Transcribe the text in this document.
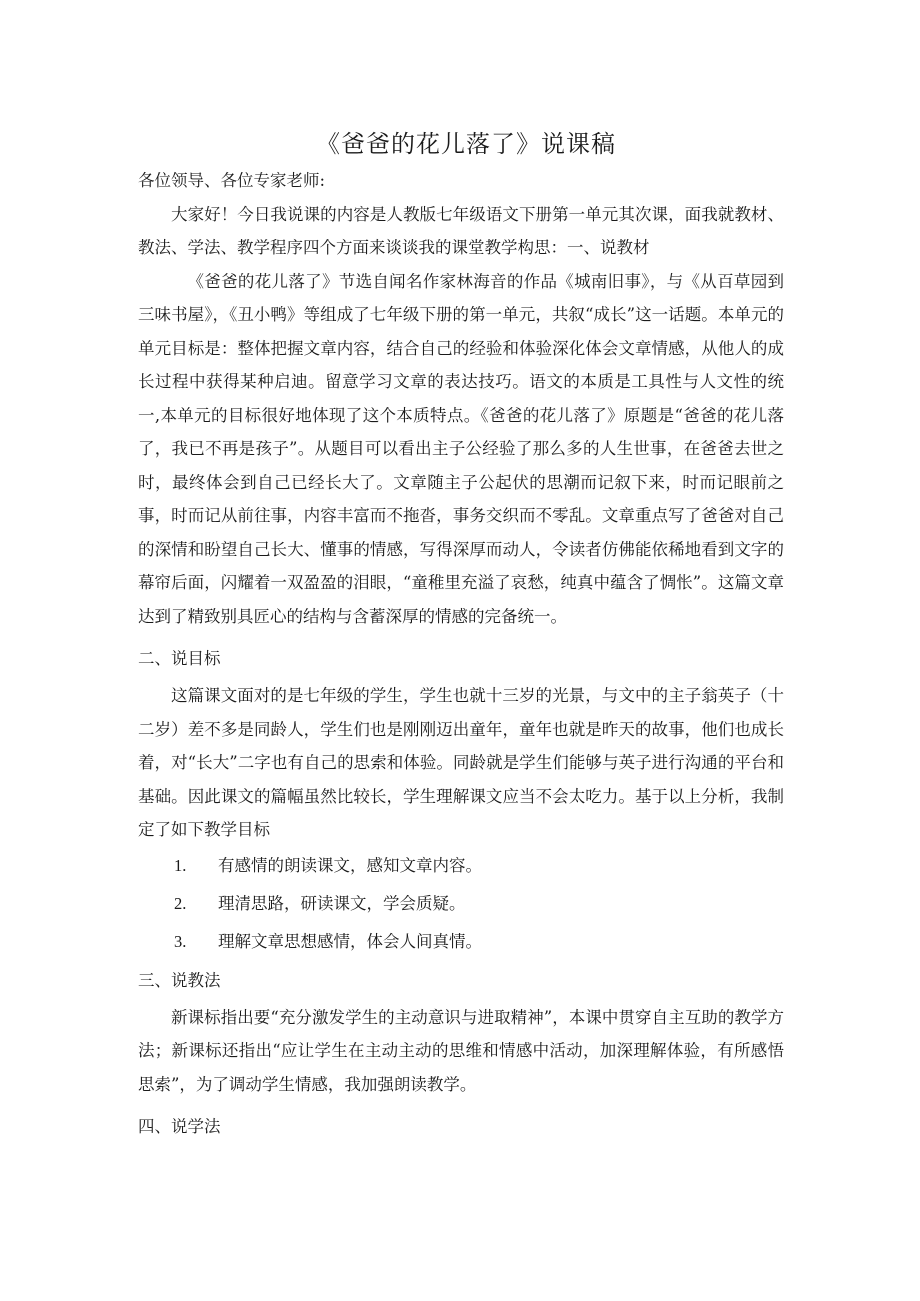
《爸爸的花儿落了》说课稿

各位领导、各位专家老师:

大家好！今日我说课的内容是人教版七年级语文下册第一单元其次课，面我就教材、教法、学法、教学程序四个方面来谈谈我的课堂教学构思：一、说教材

《爸爸的花儿落了》节选自闻名作家林海音的作品《城南旧事》，与《从百草园到三味书屋》，《丑小鸭》等组成了七年级下册的第一单元，共叙“成长”这一话题。本单元的单元目标是：整体把握文章内容，结合自己的经验和体验深化体会文章情感，从他人的成长过程中获得某种启迪。留意学习文章的表达技巧。语文的本质是工具性与人文性的统一,本单元的目标很好地体现了这个本质特点。《爸爸的花儿落了》原题是“爸爸的花儿落了，我已不再是孩子”。从题目可以看出主子公经验了那么多的人生世事，在爸爸去世之时，最终体会到自己已经长大了。文章随主子公起伏的思潮而记叙下来，时而记眼前之事，时而记从前往事，内容丰富而不拖沓，事务交织而不零乱。文章重点写了爸爸对自己的深情和盼望自己长大、懂事的情感，写得深厚而动人，令读者仿佛能依稀地看到文字的幕帘后面，闪耀着一双盈盈的泪眼，“童稚里充溢了哀愁，纯真中蕴含了惆怅”。这篇文章达到了精致别具匠心的结构与含蓄深厚的情感的完备统一。

二、说目标

这篇课文面对的是七年级的学生，学生也就十三岁的光景，与文中的主子翁英子（十二岁）差不多是同龄人，学生们也是刚刚迈出童年，童年也就是昨天的故事，他们也成长着，对“长大”二字也有自己的思索和体验。同龄就是学生们能够与英子进行沟通的平台和基础。因此课文的篇幅虽然比较长，学生理解课文应当不会太吃力。基于以上分析，我制定了如下教学目标

1.	有感情的朗读课文，感知文章内容。
2.	理清思路，研读课文，学会质疑。
3.	理解文章思想感情，体会人间真情。

三、说教法

新课标指出要“充分激发学生的主动意识与进取精神”，本课中贯穿自主互助的教学方法；新课标还指出“应让学生在主动主动的思维和情感中活动，加深理解体验，有所感悟思索”，为了调动学生情感，我加强朗读教学。

四、说学法
